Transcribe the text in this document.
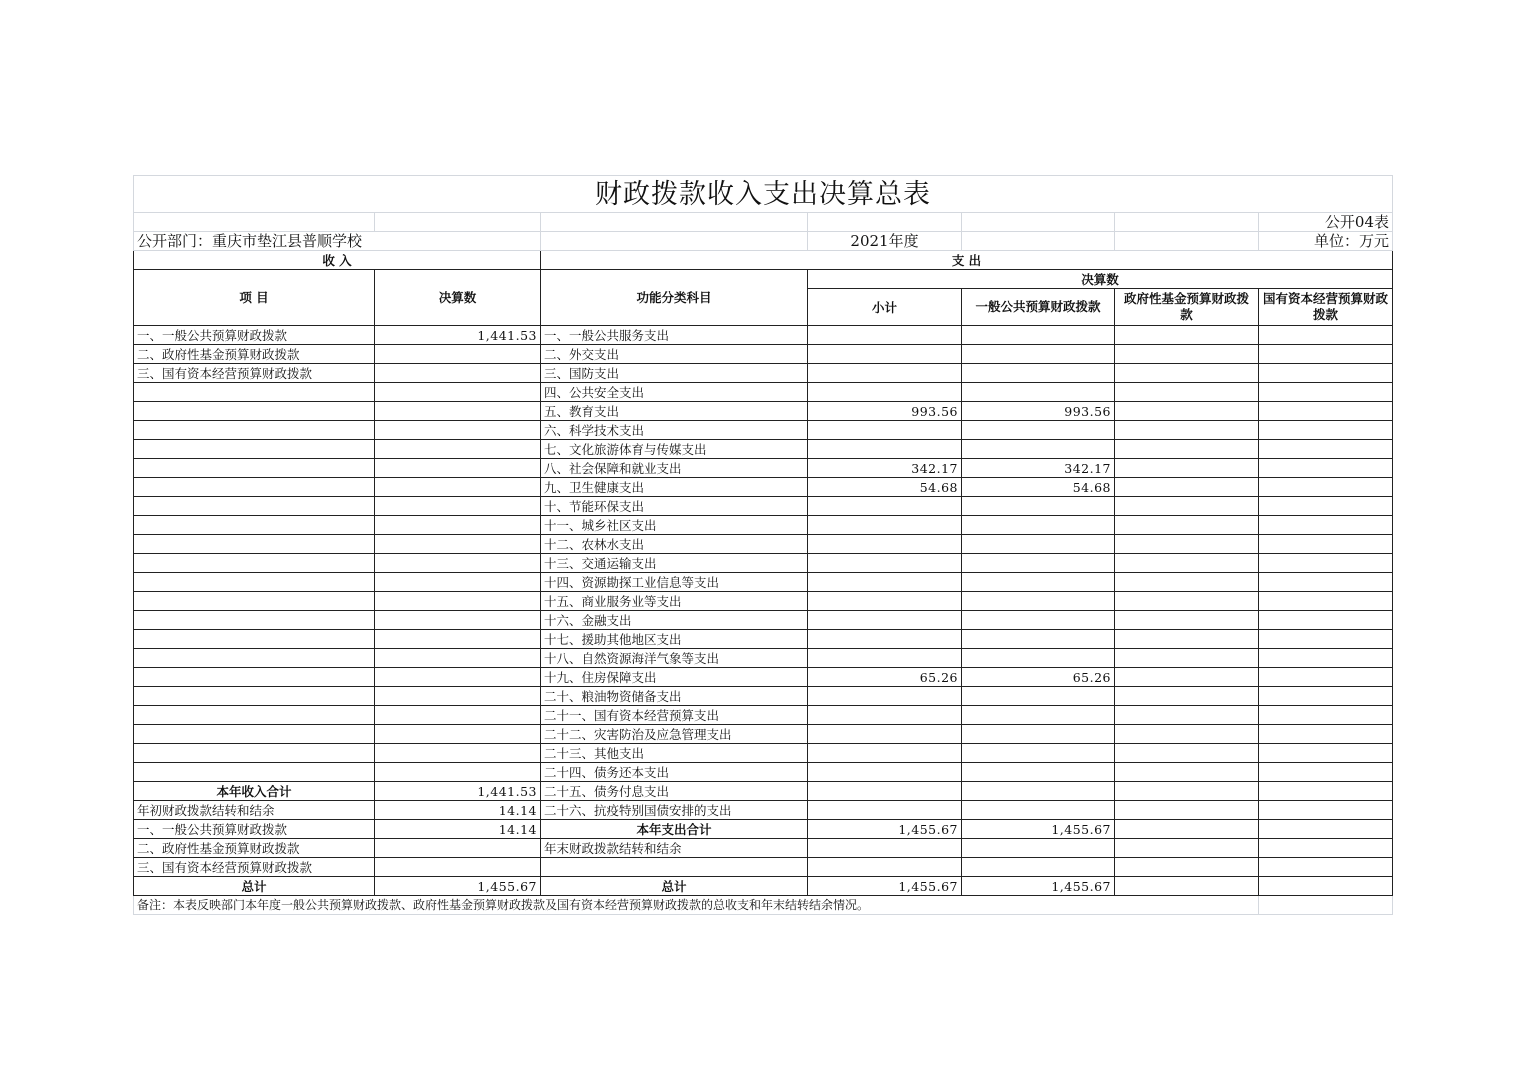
财政拨款收入支出决算总表						
						公开04表
公开部门：重庆市垫江县普顺学校			2021年度			单位：万元
收 入		支 出				
项 目	决算数	功能分类科目	决算数			
			小计	一般公共预算财政拨款	政府性基金预算财政拨款	国有资本经营预算财政拨款
一、一般公共预算财政拨款	1,441.53	一、一般公共服务支出				
二、政府性基金预算财政拨款		二、外交支出				
三、国有资本经营预算财政拨款		三、国防支出				
		四、公共安全支出				
		五、教育支出	993.56	993.56		
		六、科学技术支出				
		七、文化旅游体育与传媒支出				
		八、社会保障和就业支出	342.17	342.17		
		九、卫生健康支出	54.68	54.68		
		十、节能环保支出				
		十一、城乡社区支出				
		十二、农林水支出				
		十三、交通运输支出				
		十四、资源勘探工业信息等支出				
		十五、商业服务业等支出				
		十六、金融支出				
		十七、援助其他地区支出				
		十八、自然资源海洋气象等支出				
		十九、住房保障支出	65.26	65.26		
		二十、粮油物资储备支出				
		二十一、国有资本经营预算支出				
		二十二、灾害防治及应急管理支出				
		二十三、其他支出				
		二十四、债务还本支出				
本年收入合计	1,441.53	二十五、债务付息支出				
年初财政拨款结转和结余	14.14	二十六、抗疫特别国债安排的支出				
一、一般公共预算财政拨款	14.14	本年支出合计	1,455.67	1,455.67		
二、政府性基金预算财政拨款		年末财政拨款结转和结余				
三、国有资本经营预算财政拨款						
总计	1,455.67	总计	1,455.67	1,455.67		
备注：本表反映部门本年度一般公共预算财政拨款、政府性基金预算财政拨款及国有资本经营预算财政拨款的总收支和年末结转结余情况。						
